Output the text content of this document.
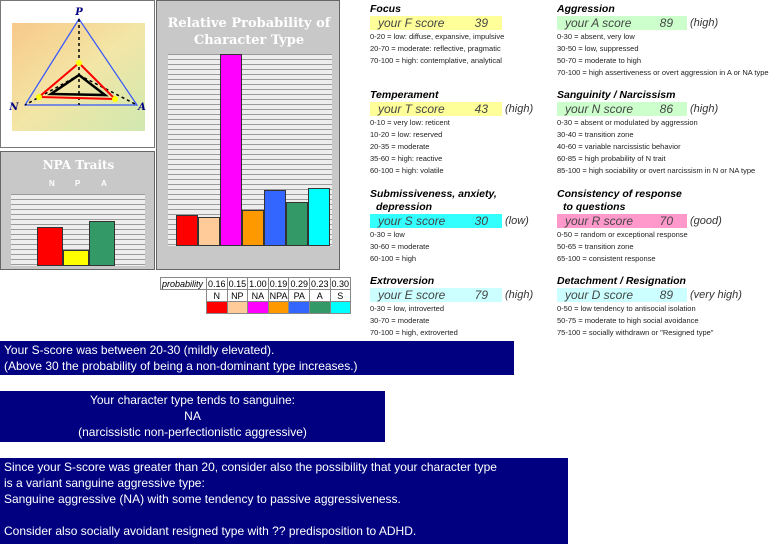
P
N	A
NPA Traits
N	P	A
Relative Probability of
Character Type
probability	0.16	0.15	1.00	0.19	0.29	0.23	0.30
	N	NP	NA	NPA	PA	A	S

Focus
your F score	39
0-20 = low: diffuse, expansive, impulsive
20-70 = moderate: reflective, pragmatic
70-100 = high: contemplative, analytical
Temperament
your T score 43 (high)
0-10 = very low: reticent
10-20 = low: reserved
20-35 = moderate
35-60 = high: reactive
60-100 = high: volatile
Submissiveness, anxiety,
depression
your S score 30 (low)
0-30 = low
30-60 = moderate
60-100 = high
Extroversion
your E score 79 (high)
0-30 = low, introverted
30-70 = moderate
70-100 = high, extroverted
Aggression
your A score 89 (high)
0-30 = absent, very low
30-50 = low, suppressed
50-70 = moderate to high
70-100 = high assertiveness or overt aggression in A or NA type
Sanguinity / Narcissism
your N score 86 (high)
0-30 = absent or modulated by aggression
30-40 = transition zone
40-60 = variable narcissistic behavior
60-85 = high probability of N trait
85-100 = high sociability or overt narcissism in N or NA type
Consistency of response
to questions
your R score 70 (good)
0-50 = random or exceptional response
50-65 = transition zone
65-100 = consistent response
Detachment / Resignation
your D score 89 (very high)
0-50 = low tendency to antisocial isolation
50-75 = moderate to high social avoidance
75-100 = socially withdrawn or "Resigned type"
Your S-score was between 20-30 (mildly elevated).
(Above 30 the probability of being a non-dominant type increases.)
Your character type tends to sanguine:
NA
(narcissistic non-perfectionistic aggressive)
Since your S-score was greater than 20, consider also the possibility that your character type
is a variant sanguine aggressive type:
Sanguine aggressive (NA) with some tendency to passive aggressiveness.
Consider also socially avoidant resigned type with ?? predisposition to ADHD.
